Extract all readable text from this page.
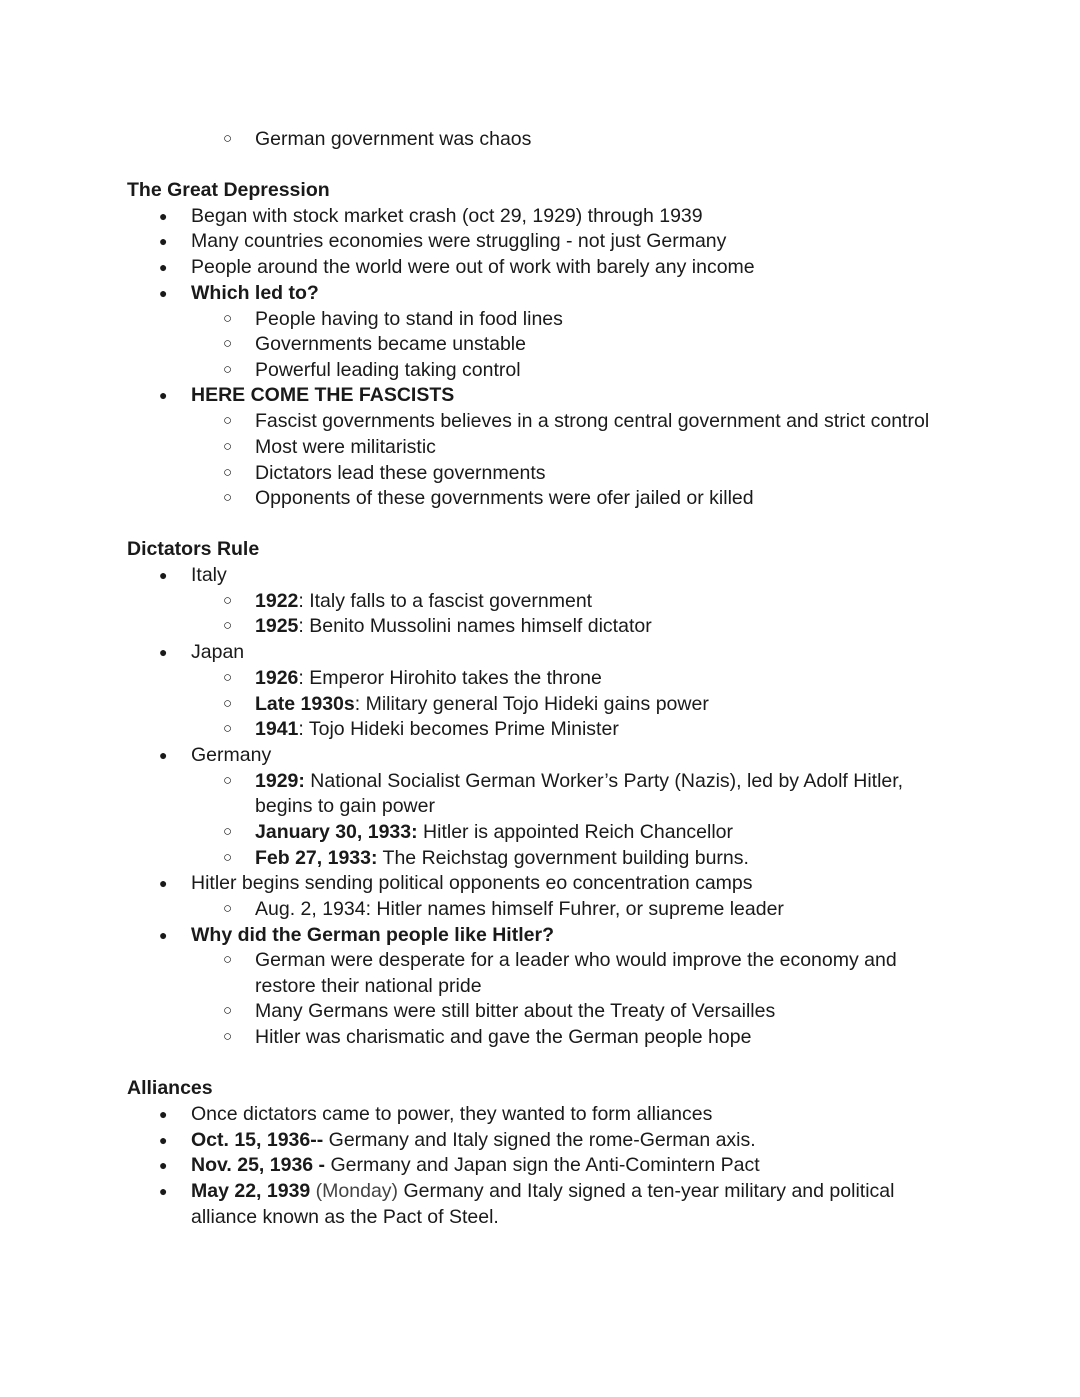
○ German government was chaos
The Great Depression
● Began with stock market crash (oct 29, 1929) through 1939
● Many countries economies were struggling - not just Germany
● People around the world were out of work with barely any income
● Which led to?
○ People having to stand in food lines
○ Governments became unstable
○ Powerful leading taking control
● HERE COME THE FASCISTS
○ Fascist governments believes in a strong central government and strict control
○ Most were militaristic
○ Dictators lead these governments
○ Opponents of these governments were ofer jailed or killed
Dictators Rule
● Italy
○ 1922: Italy falls to a fascist government
○ 1925: Benito Mussolini names himself dictator
● Japan
○ 1926: Emperor Hirohito takes the throne
○ Late 1930s: Military general Tojo Hideki gains power
○ 1941: Tojo Hideki becomes Prime Minister
● Germany
○ 1929: National Socialist German Worker’s Party (Nazis), led by Adolf Hitler,
begins to gain power
○ January 30, 1933: Hitler is appointed Reich Chancellor
○ Feb 27, 1933: The Reichstag government building burns.
● Hitler begins sending political opponents eo concentration camps
○ Aug. 2, 1934: Hitler names himself Fuhrer, or supreme leader
● Why did the German people like Hitler?
○ German were desperate for a leader who would improve the economy and
restore their national pride
○ Many Germans were still bitter about the Treaty of Versailles
○ Hitler was charismatic and gave the German people hope
Alliances
● Once dictators came to power, they wanted to form alliances
● Oct. 15, 1936-- Germany and Italy signed the rome-German axis.
● Nov. 25, 1936 - Germany and Japan sign the Anti-Comintern Pact
● May 22, 1939 (Monday) Germany and Italy signed a ten-year military and political
alliance known as the Pact of Steel.
